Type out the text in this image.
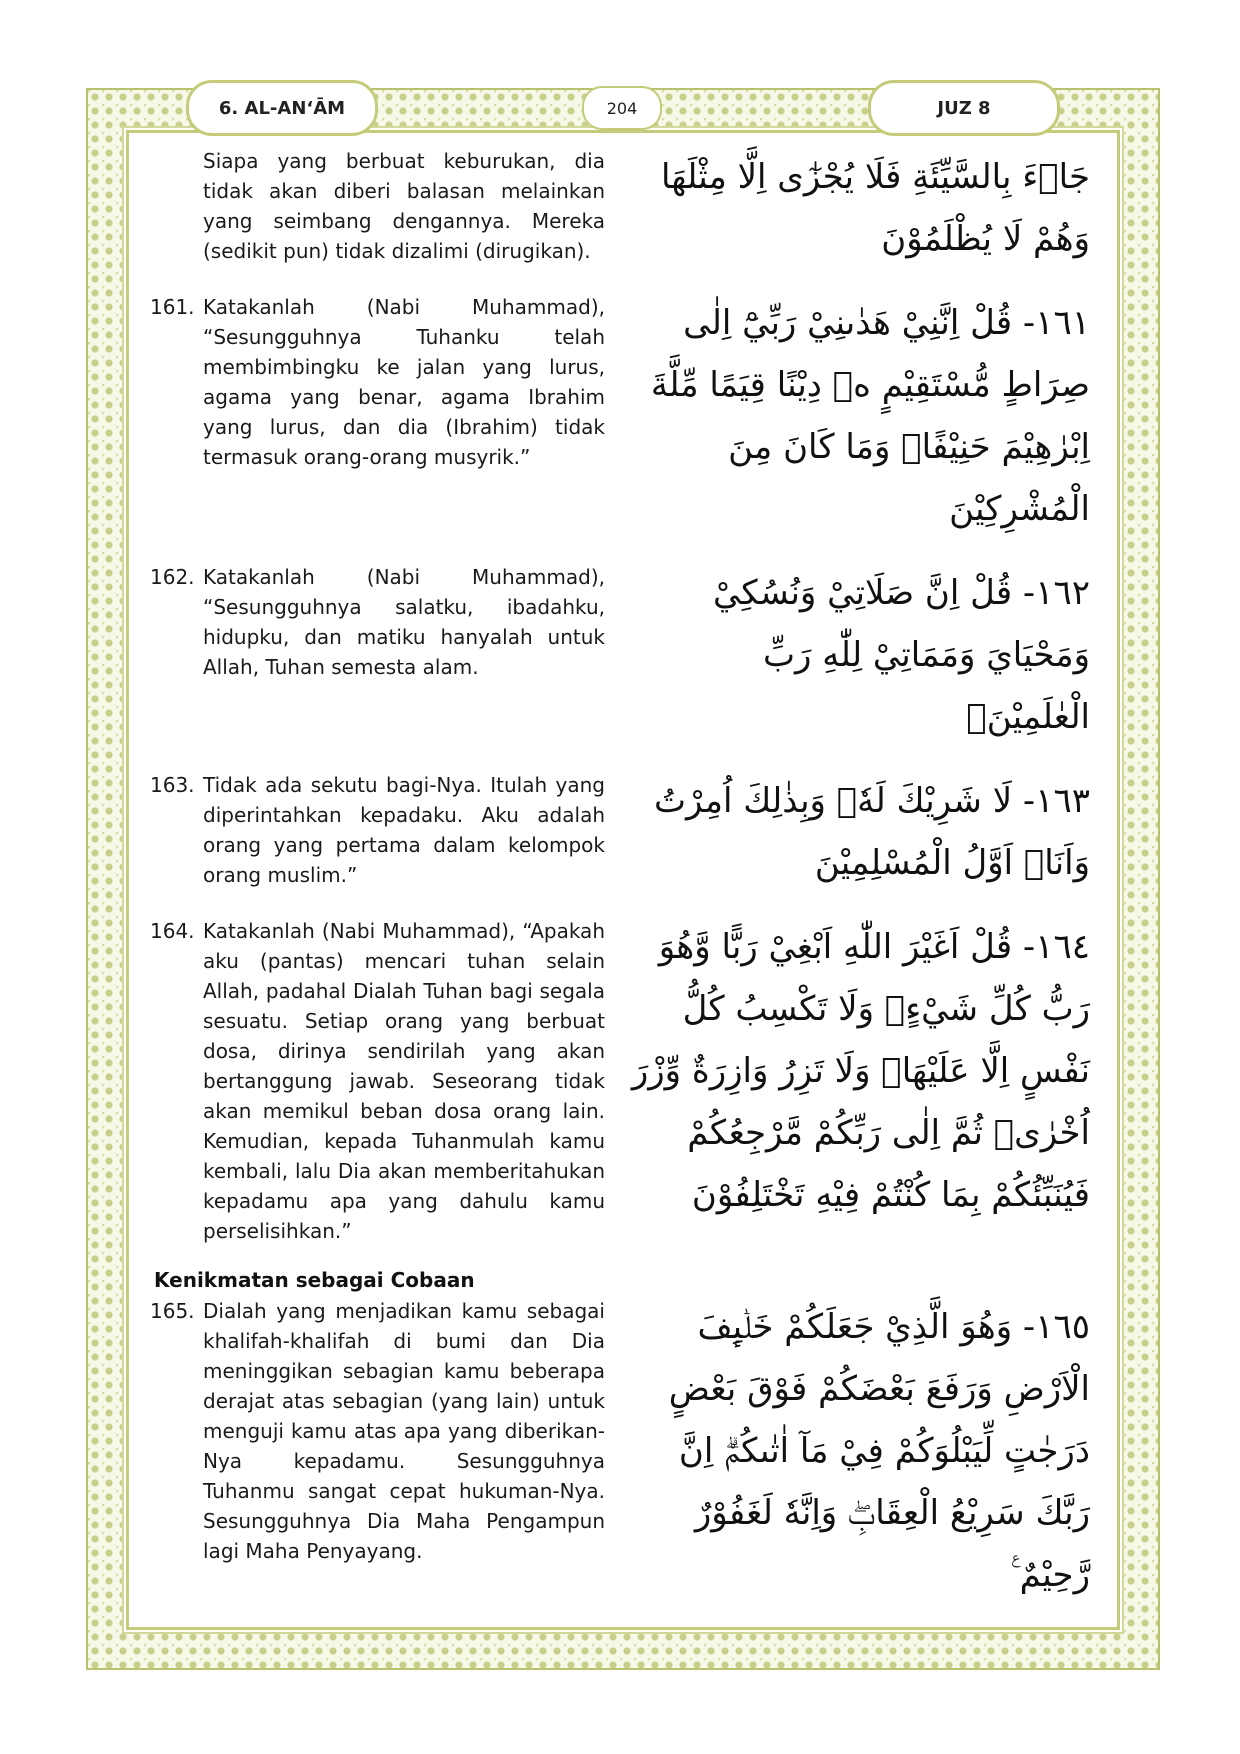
6. AL-AN‘ĀM	204	JUZ 8
Siapa yang berbuat keburukan, dia tidak akan diberi balasan melainkan yang seimbang dengannya. Mereka (sedikit pun) tidak dizalimi (dirugikan).
جَاۤءَ بِالسَّيِّئَةِ فَلَا يُجْزٰٓى اِلَّا مِثْلَهَا وَهُمْ لَا يُظْلَمُوْنَ
161. Katakanlah (Nabi Muhammad), “Sesungguhnya Tuhanku telah membimbingku ke jalan yang lurus, agama yang benar, agama Ibrahim yang lurus, dan dia (Ibrahim) tidak termasuk orang-orang musyrik.”
١٦١- قُلْ اِنَّنِيْ هَدٰىنِيْ رَبِّيْٓ اِلٰى صِرَاطٍ مُّسْتَقِيْمٍ ەۚ دِيْنًا قِيَمًا مِّلَّةَ اِبْرٰهِيْمَ حَنِيْفًاۚ وَمَا كَانَ مِنَ الْمُشْرِكِيْنَ
162. Katakanlah (Nabi Muhammad), “Sesungguhnya salatku, ibadahku, hidupku, dan matiku hanyalah untuk Allah, Tuhan semesta alam.
١٦٢- قُلْ اِنَّ صَلَاتِيْ وَنُسُكِيْ وَمَحْيَايَ وَمَمَاتِيْ لِلّٰهِ رَبِّ الْعٰلَمِيْنَۙ
163. Tidak ada sekutu bagi-Nya. Itulah yang diperintahkan kepadaku. Aku adalah orang yang pertama dalam kelompok orang muslim.”
١٦٣- لَا شَرِيْكَ لَهٗۚ وَبِذٰلِكَ اُمِرْتُ وَاَنَا۠ اَوَّلُ الْمُسْلِمِيْنَ
164. Katakanlah (Nabi Muhammad), “Apakah aku (pantas) mencari tuhan selain Allah, padahal Dialah Tuhan bagi segala sesuatu. Setiap orang yang berbuat dosa, dirinya sendirilah yang akan bertanggung jawab. Seseorang tidak akan memikul beban dosa orang lain. Kemudian, kepada Tuhanmulah kamu kembali, lalu Dia akan memberitahukan kepadamu apa yang dahulu kamu perselisihkan.”
١٦٤- قُلْ اَغَيْرَ اللّٰهِ اَبْغِيْ رَبًّا وَّهُوَ رَبُّ كُلِّ شَيْءٍۗ وَلَا تَكْسِبُ كُلُّ نَفْسٍ اِلَّا عَلَيْهَاۚ وَلَا تَزِرُ وَازِرَةٌ وِّزْرَ اُخْرٰىۚ ثُمَّ اِلٰى رَبِّكُمْ مَّرْجِعُكُمْ فَيُنَبِّئُكُمْ بِمَا كُنْتُمْ فِيْهِ تَخْتَلِفُوْنَ
Kenikmatan sebagai Cobaan
165. Dialah yang menjadikan kamu sebagai khalifah-khalifah di bumi dan Dia meninggikan sebagian kamu beberapa derajat atas sebagian (yang lain) untuk menguji kamu atas apa yang diberikan-Nya kepadamu. Sesungguhnya Tuhanmu sangat cepat hukuman-Nya. Sesungguhnya Dia Maha Pengampun lagi Maha Penyayang.
١٦٥- وَهُوَ الَّذِيْ جَعَلَكُمْ خَلٰۤىِٕفَ الْاَرْضِ وَرَفَعَ بَعْضَكُمْ فَوْقَ بَعْضٍ دَرَجٰتٍ لِّيَبْلُوَكُمْ فِيْ مَآ اٰتٰىكُمْۗ اِنَّ رَبَّكَ سَرِيْعُ الْعِقَابِۖ وَاِنَّهٗ لَغَفُوْرٌ رَّحِيْمٌ ࣖ
